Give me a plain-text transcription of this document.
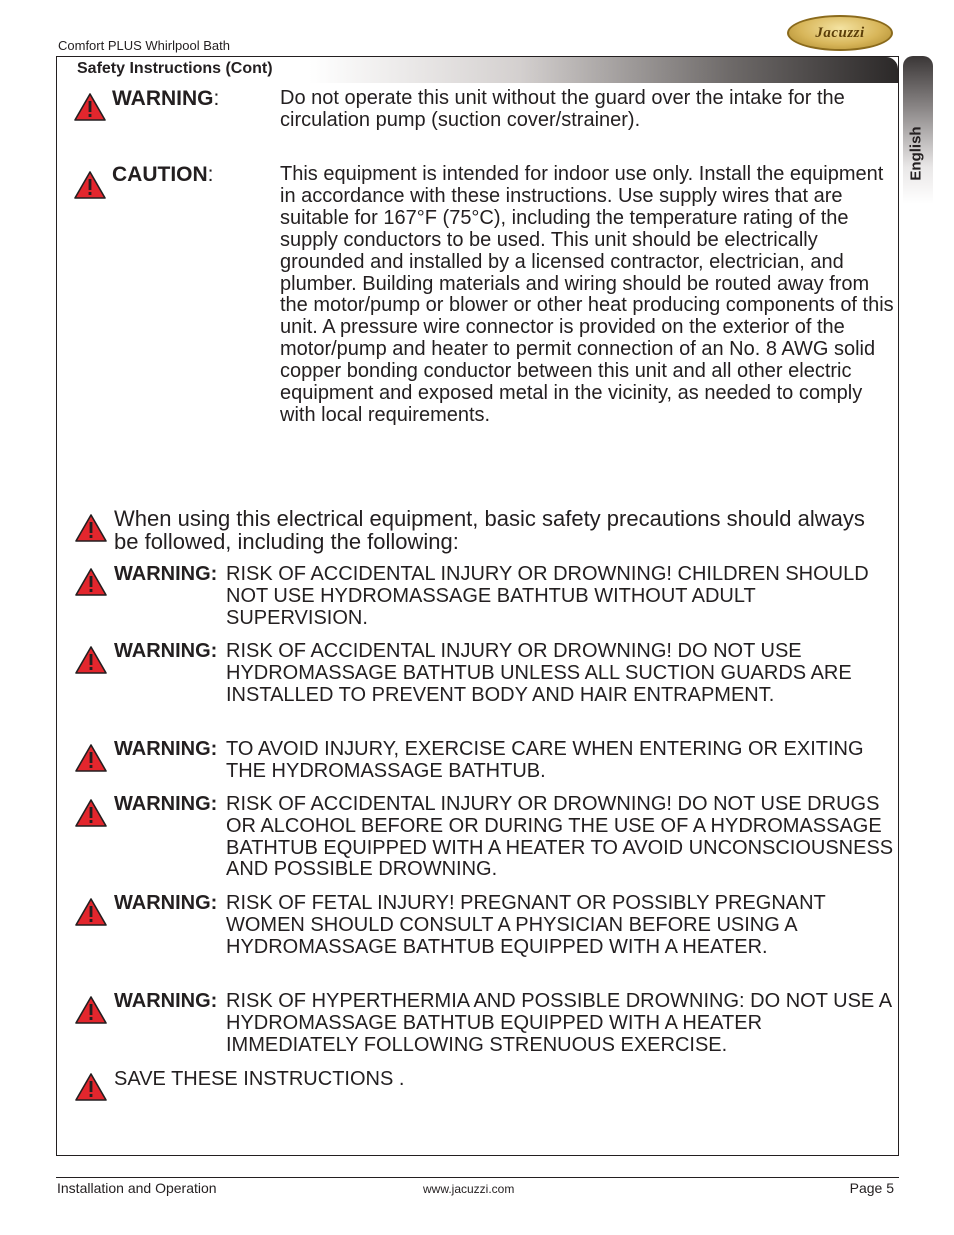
Comfort PLUS Whirlpool Bath
Jacuzzi
Safety Instructions (Cont)
English
WARNING:	Do not operate this unit without the guard over the intake for the circulation pump (suction cover/strainer).

CAUTION:	This equipment is intended for indoor use only. Install the equipment in accordance with these instructions. Use supply wires that are suitable for 167°F (75°C), including the temperature rating of the supply conductors to be used. This unit should be electrically grounded and installed by a licensed contractor, electrician, and plumber. Building materials and wiring should be routed away from the motor/pump or blower or other heat producing components of this unit. A pressure wire connector is provided on the exterior of the motor/pump and heater to permit connection of an No. 8 AWG solid copper bonding conductor between this unit and all other electric equipment and exposed metal in the vicinity, as needed to comply with local requirements.

When using this electrical equipment, basic safety precautions should always be followed, including the following:

WARNING: RISK OF ACCIDENTAL INJURY OR DROWNING! CHILDREN SHOULD NOT USE HYDROMASSAGE BATHTUB WITHOUT ADULT SUPERVISION.

WARNING: RISK OF ACCIDENTAL INJURY OR DROWNING! DO NOT USE HYDROMASSAGE BATHTUB UNLESS ALL SUCTION GUARDS ARE INSTALLED TO PREVENT BODY AND HAIR ENTRAPMENT.

WARNING: TO AVOID INJURY, EXERCISE CARE WHEN ENTERING OR EXITING THE HYDROMASSAGE BATHTUB.

WARNING: RISK OF ACCIDENTAL INJURY OR DROWNING! DO NOT USE DRUGS OR ALCOHOL BEFORE OR DURING THE USE OF A HYDROMASSAGE BATHTUB EQUIPPED WITH A HEATER TO AVOID UNCONSCIOUSNESS AND POSSIBLE DROWNING.

WARNING: RISK OF FETAL INJURY! PREGNANT OR POSSIBLY PREGNANT WOMEN SHOULD CONSULT A PHYSICIAN BEFORE USING A HYDROMASSAGE BATHTUB EQUIPPED WITH A HEATER.

WARNING: RISK OF HYPERTHERMIA AND POSSIBLE DROWNING: DO NOT USE A HYDROMASSAGE BATHTUB EQUIPPED WITH A HEATER IMMEDIATELY FOLLOWING STRENUOUS EXERCISE.

SAVE THESE INSTRUCTIONS .
Installation and Operation	www.jacuzzi.com	Page 5
